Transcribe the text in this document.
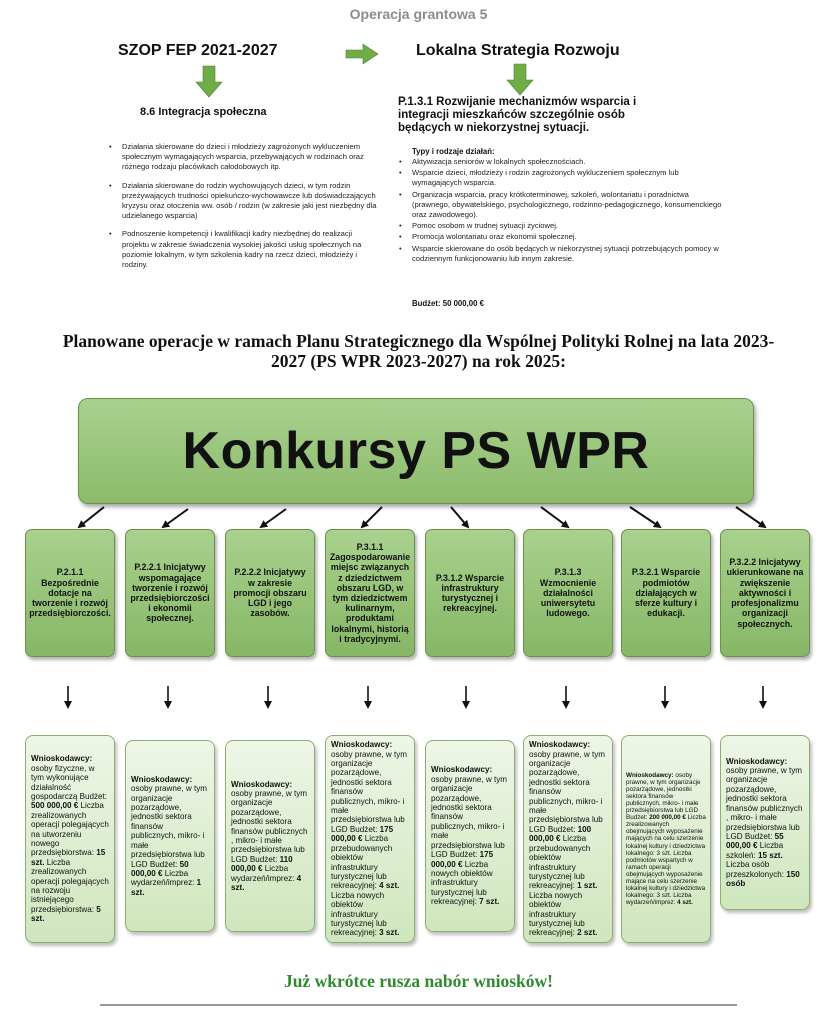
Operacja grantowa 5
SZOP FEP 2021-2027	Lokalna Strategia Rozwoju
8.6 Integracja społeczna
P.1.3.1 Rozwijanie mechanizmów wsparcia i integracji mieszkańców szczególnie osób będących w niekorzystnej sytuacji.
• Działania skierowane do dzieci i młodzieży zagrożonych wykluczeniem społecznym wymagających wsparcia, przebywających w rodzinach oraz różnego rodzaju placówkach całodobowych itp.
• Działania skierowane do rodzin wychowujących dzieci, w tym rodzin przeżywających trudności opiekuńczo-wychowawcze lub doświadczających kryzysu oraz otoczenia ww. osób / rodzin (w zakresie jaki jest niezbędny dla udzielanego wsparcia)
• Podnoszenie kompetencji i kwalifikacji kadry niezbędnej do realizacji projektu w zakresie świadczenia wysokiej jakości usług społecznych na poziomie lokalnym, w tym szkolenia kadry na rzecz dzieci, młodzieży i rodziny.
Typy i rodzaje działań:
• Aktywizacja seniorów w lokalnych społecznościach.
• Wsparcie dzieci, młodzieży i rodzin zagrożonych wykluczeniem społecznym lub wymagających wsparcia.
• Organizacja wsparcia, pracy krótkoterminowej, szkoleń, wolontariatu i poradnictwa (prawnego, obywatelskiego, psychologicznego, rodzinno-pedagogicznego, konsumenckiego oraz zawodowego).
• Pomoc osobom w trudnej sytuacji życiowej.
• Promocja wolontariatu oraz ekonomii społecznej.
• Wsparcie skierowane do osób będących w niekorzystnej sytuacji potrzebujących pomocy w codziennym funkcjonowaniu lub innym zakresie.
Budżet: 50 000,00 €
Planowane operacje w ramach Planu Strategicznego dla Wspólnej Polityki Rolnej na lata 2023-2027 (PS WPR 2023-2027) na rok 2025:
Konkursy PS WPR
P.2.1.1 Bezpośrednie dotacje na tworzenie i rozwój przedsiębiorczości.
P.2.2.1 Inicjatywy wspomagające tworzenie i rozwój przedsiębiorczości i ekonomii społecznej.
P.2.2.2 Inicjatywy w zakresie promocji obszaru LGD i jego zasobów.
P.3.1.1 Zagospodarowanie miejsc związanych z dziedzictwem obszaru LGD, w tym dziedzictwem kulinarnym, produktami lokalnymi, historią i tradycyjnymi.
P.3.1.2 Wsparcie infrastruktury turystycznej i rekreacyjnej.
P.3.1.3 Wzmocnienie działalności uniwersytetu ludowego.
P.3.2.1 Wsparcie podmiotów działających w sferze kultury i edukacji.
P.3.2.2 Inicjatywy ukierunkowane na zwiększenie aktywności i profesjonalizmu organizacji społecznych.
Wnioskodawcy: osoby fizyczne, w tym wykonujące działalność gospodarczą Budżet: 500 000,00 € Liczba zrealizowanych operacji polegających na utworzeniu nowego przedsiębiorstwa: 15 szt. Liczba zrealizowanych operacji polegających na rozwoju istniejącego przedsiębiorstwa: 5 szt.
Wnioskodawcy: osoby prawne, w tym organizacje pozarządowe, jednostki sektora finansów publicznych, mikro- i małe przedsiębiorstwa lub LGD Budżet: 50 000,00 € Liczba wydarzeń/imprez: 1 szt.
Wnioskodawcy: osoby prawne, w tym organizacje pozarządowe, jednostki sektora finansów publicznych , mikro- i małe przedsiębiorstwa lub LGD Budżet: 110 000,00 € Liczba wydarzeń/imprez: 4 szt.
Wnioskodawcy: osoby prawne, w tym organizacje pozarządowe, jednostki sektora finansów publicznych, mikro- i małe przedsiębiorstwa lub LGD Budżet: 175 000,00 € Liczba przebudowanych obiektów infrastruktury turystycznej lub rekreacyjnej: 4 szt. Liczba nowych obiektów infrastruktury turystycznej lub rekreacyjnej: 3 szt.
Wnioskodawcy: osoby prawne, w tym organizacje pozarządowe, jednostki sektora finansów publicznych, mikro- i małe przedsiębiorstwa lub LGD Budżet: 175 000,00 € Liczba nowych obiektów infrastruktury turystycznej lub rekreacyjnej: 7 szt.
Wnioskodawcy: osoby prawne, w tym organizacje pozarządowe, jednostki sektora finansów publicznych, mikro- i małe przedsiębiorstwa lub LGD Budżet: 100 000,00 € Liczba przebudowanych obiektów infrastruktury turystycznej lub rekreacyjnej: 1 szt. Liczba nowych obiektów infrastruktury turystycznej lub rekreacyjnej: 2 szt.
Wnioskodawcy: osoby prawne, w tym organizacje pozarządowe, jednostki sektora finansów publicznych, mikro- i małe przedsiębiorstwa lub LGD Budżet: 200 000,00 € Liczba zrealizowanych obejmujących wyposażenie mających na celu szerzenie lokalnej kultury i dziedzictwa lokalnego: 3 szt. Liczba podmiotów wspartych w ramach operacji obejmujących wyposażenie mające na celu szerzenie lokalnej kultury i dziedzictwa lokalnego: 3 szt. Liczba wydarzeń/imprez: 4 szt.
Wnioskodawcy: osoby prawne, w tym organizacje pozarządowe, jednostki sektora finansów publicznych , mikro- i małe przedsiębiorstwa lub LGD Budżet: 55 000,00 € Liczba szkoleń: 15 szt. Liczba osób przeszkolonych: 150 osób
Już wkrótce rusza nabór wniosków!
